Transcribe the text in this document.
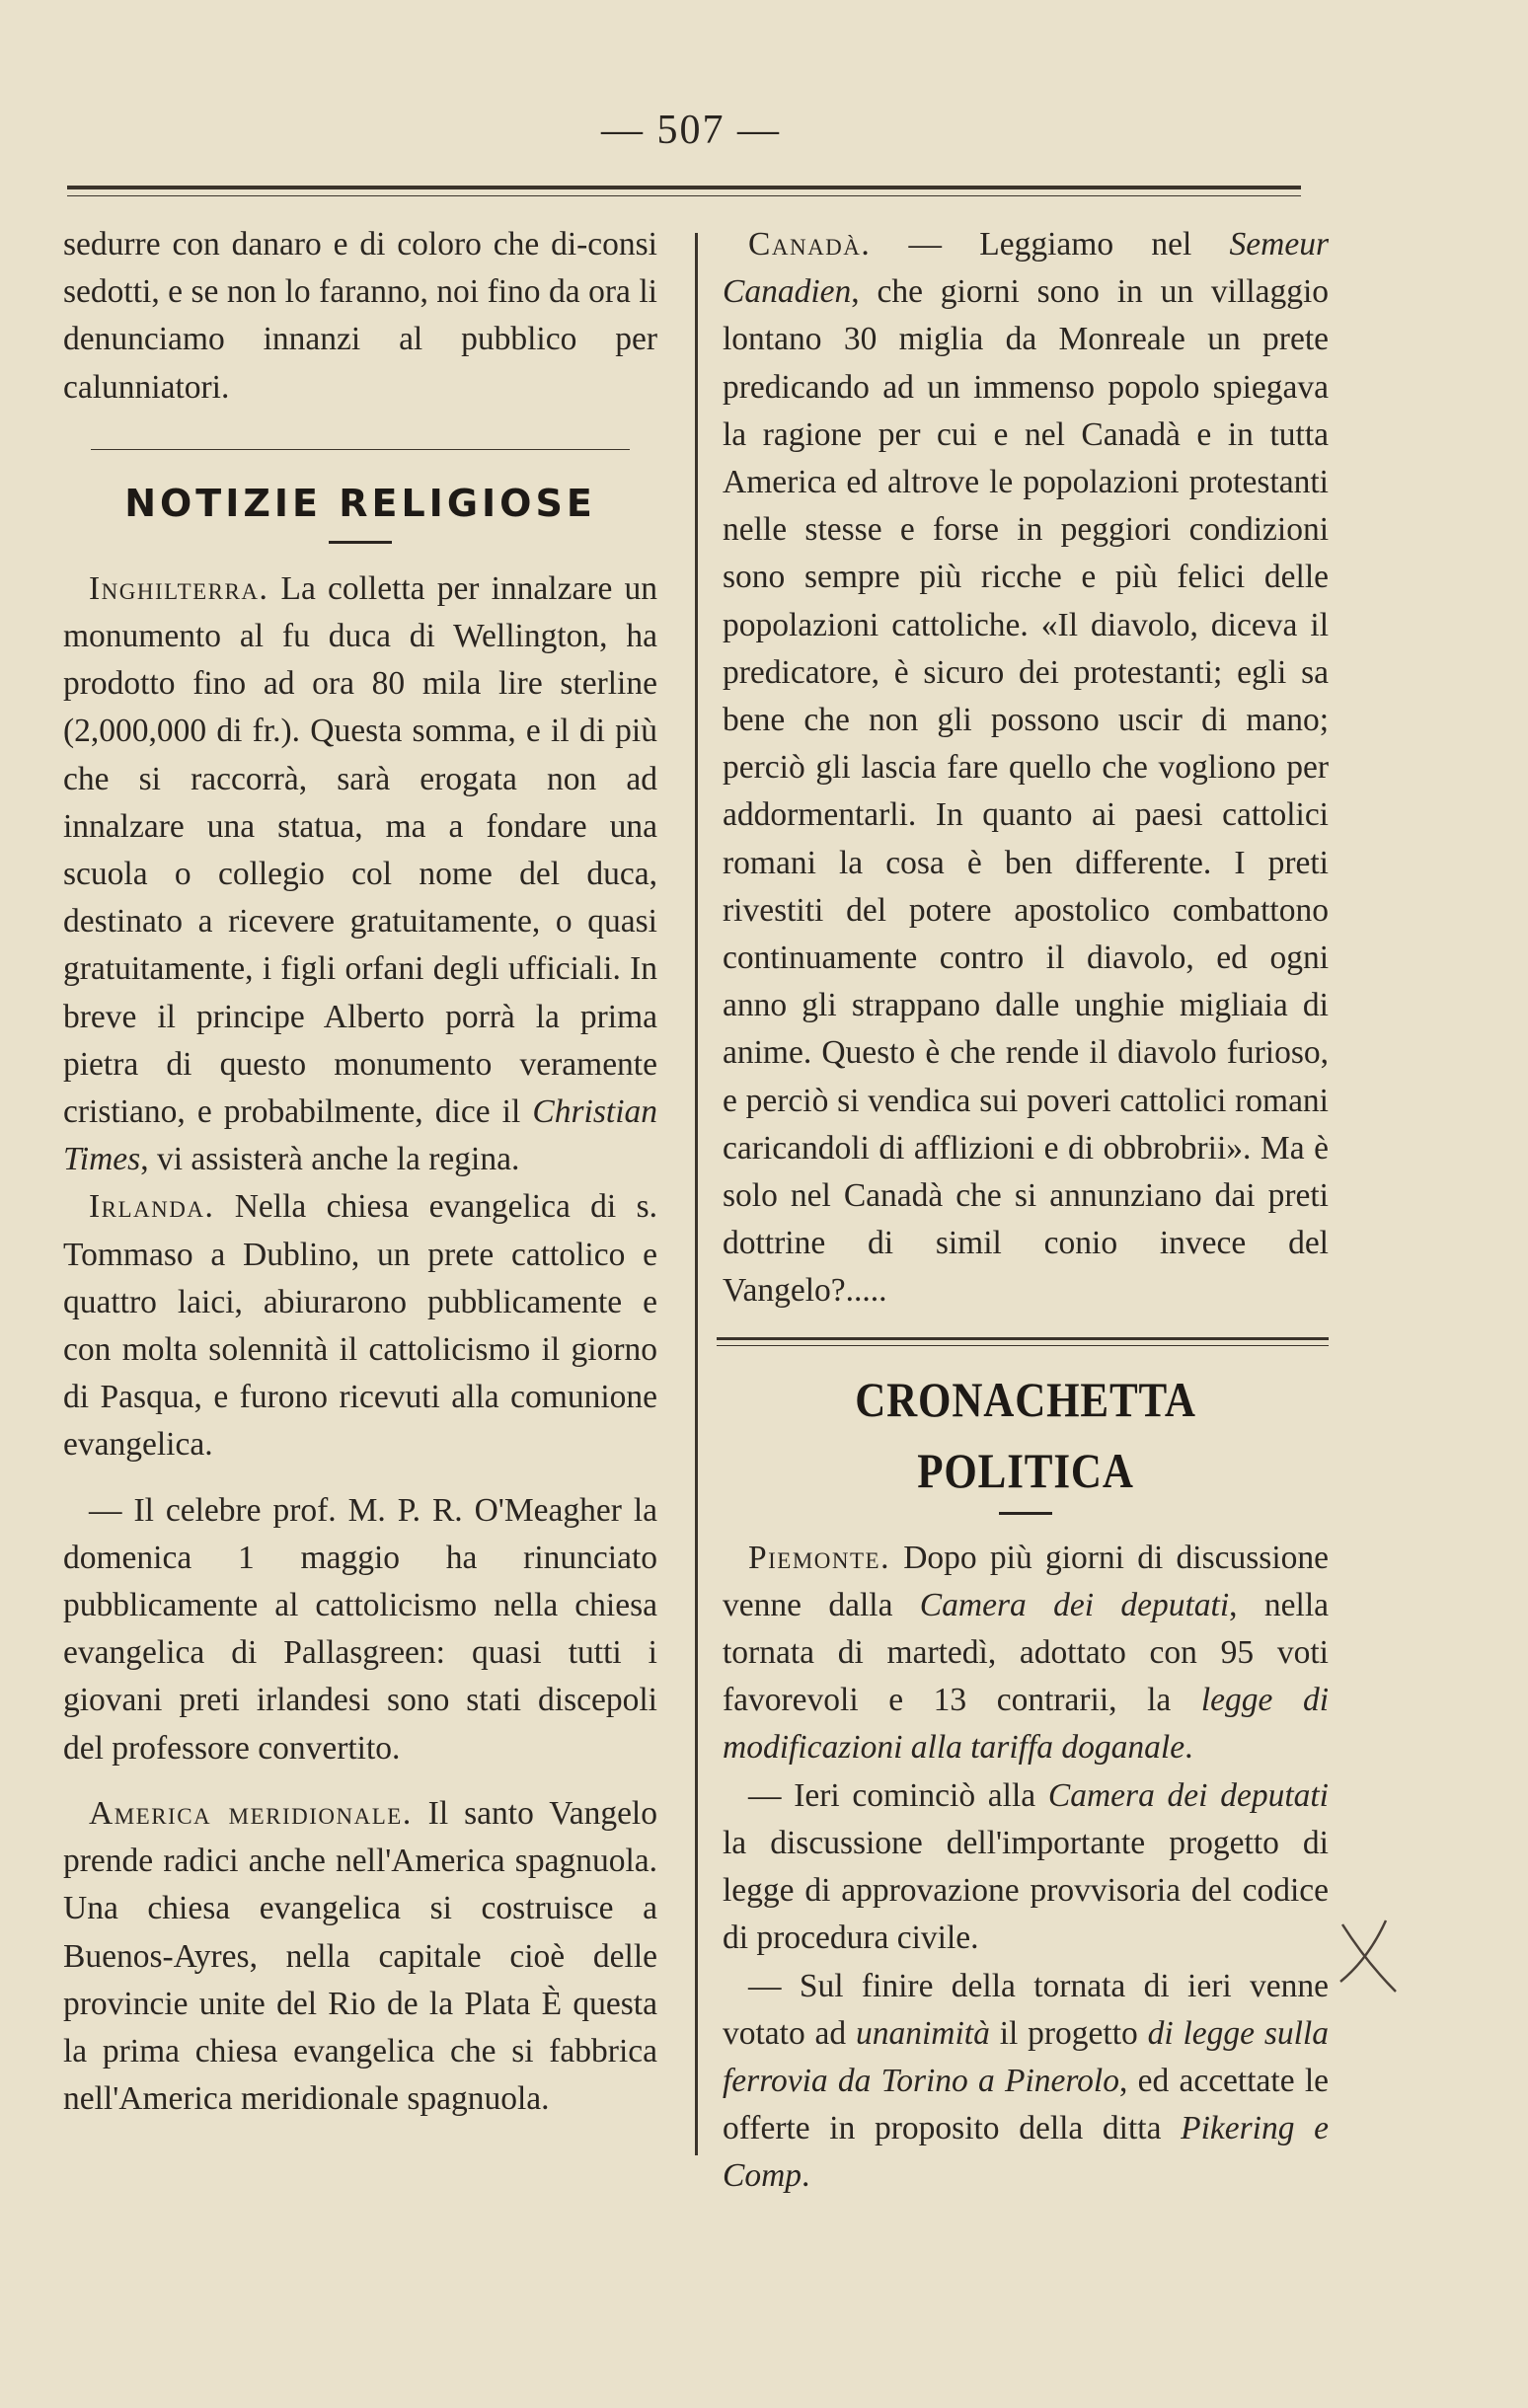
— 507 —

sedurre con danaro e di coloro che di-consi sedotti, e se non lo faranno, noi fino da ora li denunciamo innanzi al pubblico per calunniatori.

NOTIZIE RELIGIOSE

Inghilterra. La colletta per innalzare un monumento al fu duca di Wellington, ha prodotto fino ad ora 80 mila lire sterline (2,000,000 di fr.). Questa somma, e il di più che si raccorrà, sarà erogata non ad innalzare una statua, ma a fondare una scuola o collegio col nome del duca, destinato a ricevere gratuitamente, o quasi gratuitamente, i figli orfani degli ufficiali. In breve il principe Alberto porrà la prima pietra di questo monumento veramente cristiano, e probabilmente, dice il Christian Times, vi assisterà anche la regina.

Irlanda. Nella chiesa evangelica di s. Tommaso a Dublino, un prete cattolico e quattro laici, abiurarono pubblicamente e con molta solennità il cattolicismo il giorno di Pasqua, e furono ricevuti alla comunione evangelica.

— Il celebre prof. M. P. R. O'Meagher la domenica 1 maggio ha rinunciato pubblicamente al cattolicismo nella chiesa evangelica di Pallasgreen: quasi tutti i giovani preti irlandesi sono stati discepoli del professore convertito.

America meridionale. Il santo Vangelo prende radici anche nell'America spagnuola. Una chiesa evangelica si costruisce a Buenos-Ayres, nella capitale cioè delle provincie unite del Rio de la Plata È questa la prima chiesa evangelica che si fabbrica nell'America meridionale spagnuola.

Canadà. — Leggiamo nel Semeur Canadien, che giorni sono in un villaggio lontano 30 miglia da Monreale un prete predicando ad un immenso popolo spiegava la ragione per cui e nel Canadà e in tutta America ed altrove le popolazioni protestanti nelle stesse e forse in peggiori condizioni sono sempre più ricche e più felici delle popolazioni cattoliche. «Il diavolo, diceva il predicatore, è sicuro dei protestanti; egli sa bene che non gli possono uscir di mano; perciò gli lascia fare quello che vogliono per addormentarli. In quanto ai paesi cattolici romani la cosa è ben differente. I preti rivestiti del potere apostolico combattono continuamente contro il diavolo, ed ogni anno gli strappano dalle unghie migliaia di anime. Questo è che rende il diavolo furioso, e perciò si vendica sui poveri cattolici romani caricandoli di afflizioni e di obbrobrii». Ma è solo nel Canadà che si annunziano dai preti dottrine di simil conio invece del Vangelo?.....

CRONACHETTA POLITICA

Piemonte. Dopo più giorni di discussione venne dalla Camera dei deputati, nella tornata di martedì, adottato con 95 voti favorevoli e 13 contrarii, la legge di modificazioni alla tariffa doganale.

— Ieri cominciò alla Camera dei deputati la discussione dell'importante progetto di legge di approvazione provvisoria del codice di procedura civile.

— Sul finire della tornata di ieri venne votato ad unanimità il progetto di legge sulla ferrovia da Torino a Pinerolo, ed accettate le offerte in proposito della ditta Pikering e Comp.
